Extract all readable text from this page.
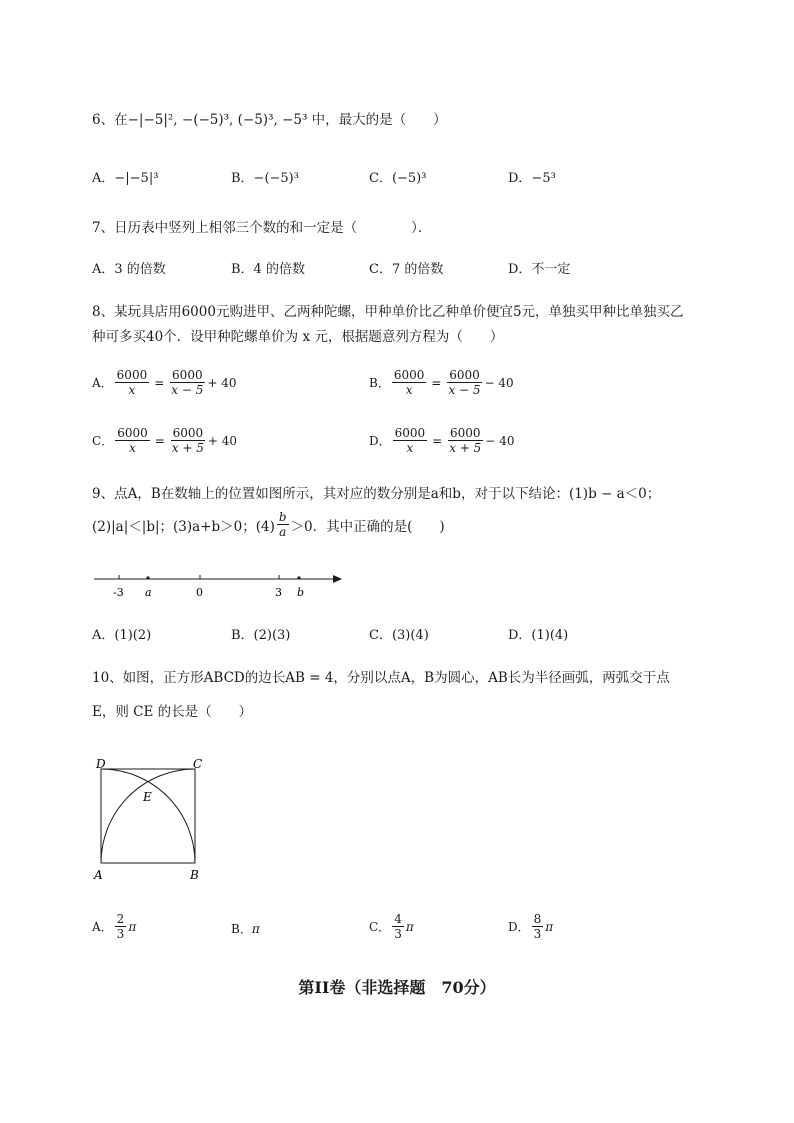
6、在−|−5|², −(−5)³, (−5)³, −5³ 中，最大的是（　　）
A．−|−5|³	B．−(−5)³	C．(−5)³	D．−5³
7、日历表中竖列上相邻三个数的和一定是（　　　　）．
A．3 的倍数	B．4 的倍数	C．7 的倍数	D．不一定
8、某玩具店用6000元购进甲、乙两种陀螺，甲种单价比乙种单价便宜5元，单独买甲种比单独买乙
种可多买40个．设甲种陀螺单价为 x 元，根据题意列方程为（　　）
A． $\frac{6000}{x} = \frac{6000}{x - 5} + 40$	B． $\frac{6000}{x} = \frac{6000}{x - 5} - 40$
C． $\frac{6000}{x} = \frac{6000}{x + 5} + 40$	D． $\frac{6000}{x} = \frac{6000}{x + 5} - 40$
9、点A，B在数轴上的位置如图所示，其对应的数分别是a和b，对于以下结论：(1)b − a＜0；
(2)|a|＜|b|；(3)a+b＞0；$(4) \frac{b}{a} >0$．其中正确的是(　　)
-3 a	0	3 b
A．(1)(2)	B．(2)(3)	C．(3)(4)	D．(1)(4)
10、如图，正方形ABCD的边长AB = 4，分别以点A，B为圆心，AB长为半径画弧，两弧交于点
E，则 CE 的长是（　　）
D	C
E
A	B
A． $\frac{2}{3}$ π	B． π	C． $\frac{4}{3}$ π	D． $\frac{8}{3}$ π
第II卷（非选择题　70分）
